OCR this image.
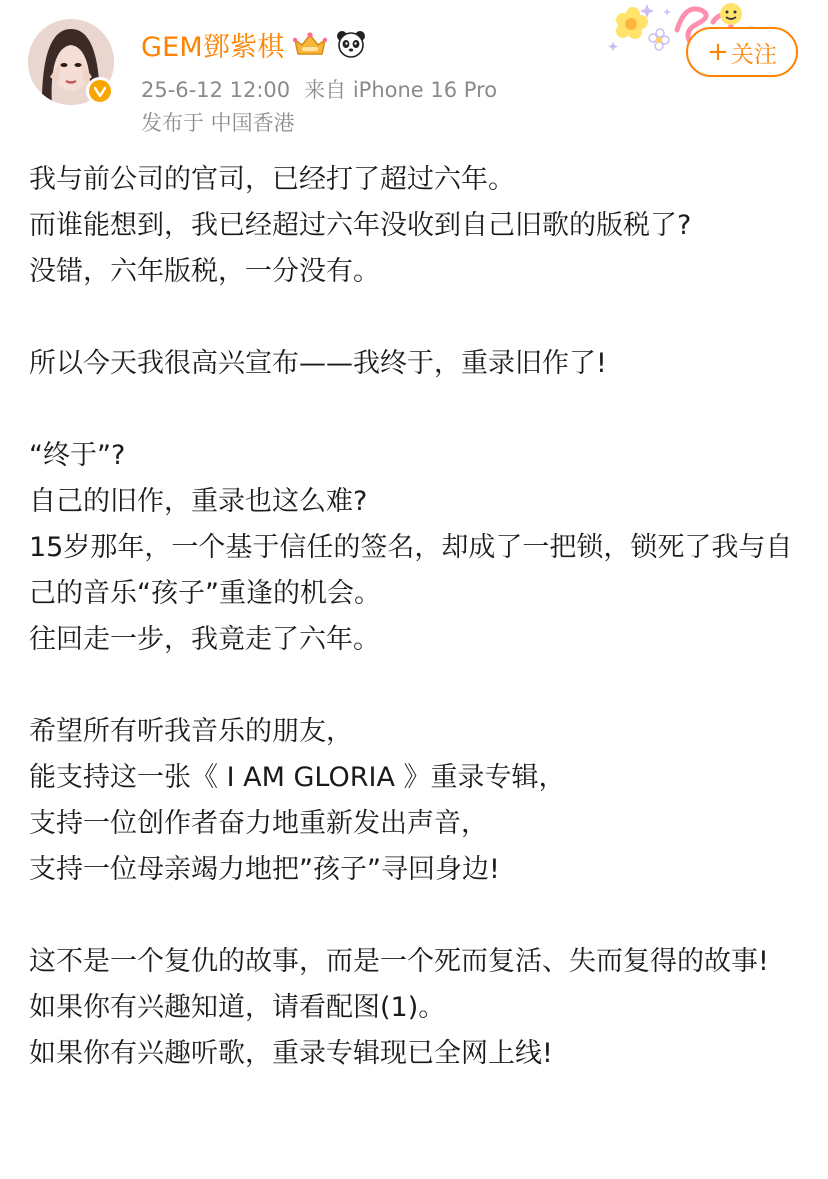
GEM鄧紫棋
25-6-12 12:00 来自 iPhone 16 Pro
发布于 中国香港
+ 关注

我与前公司的官司，已经打了超过六年。

而谁能想到，我已经超过六年没收到自己旧歌的版税了?

没错，六年版税，一分没有。

所以今天我很高兴宣布——我终于，重录旧作了!

“终于”?

自己的旧作，重录也这么难?

15岁那年，一个基于信任的签名，却成了一把锁，锁死了我与自己的音乐“孩子”重逢的机会。

往回走一步，我竟走了六年。

希望所有听我音乐的朋友，

能支持这一张《 I AM GLORIA 》重录专辑，

支持一位创作者奋力地重新发出声音，

支持一位母亲竭力地把”孩子”寻回身边!

这不是一个复仇的故事，而是一个死而复活、失而复得的故事!

如果你有兴趣知道，请看配图(1)。

如果你有兴趣听歌，重录专辑现已全网上线!
